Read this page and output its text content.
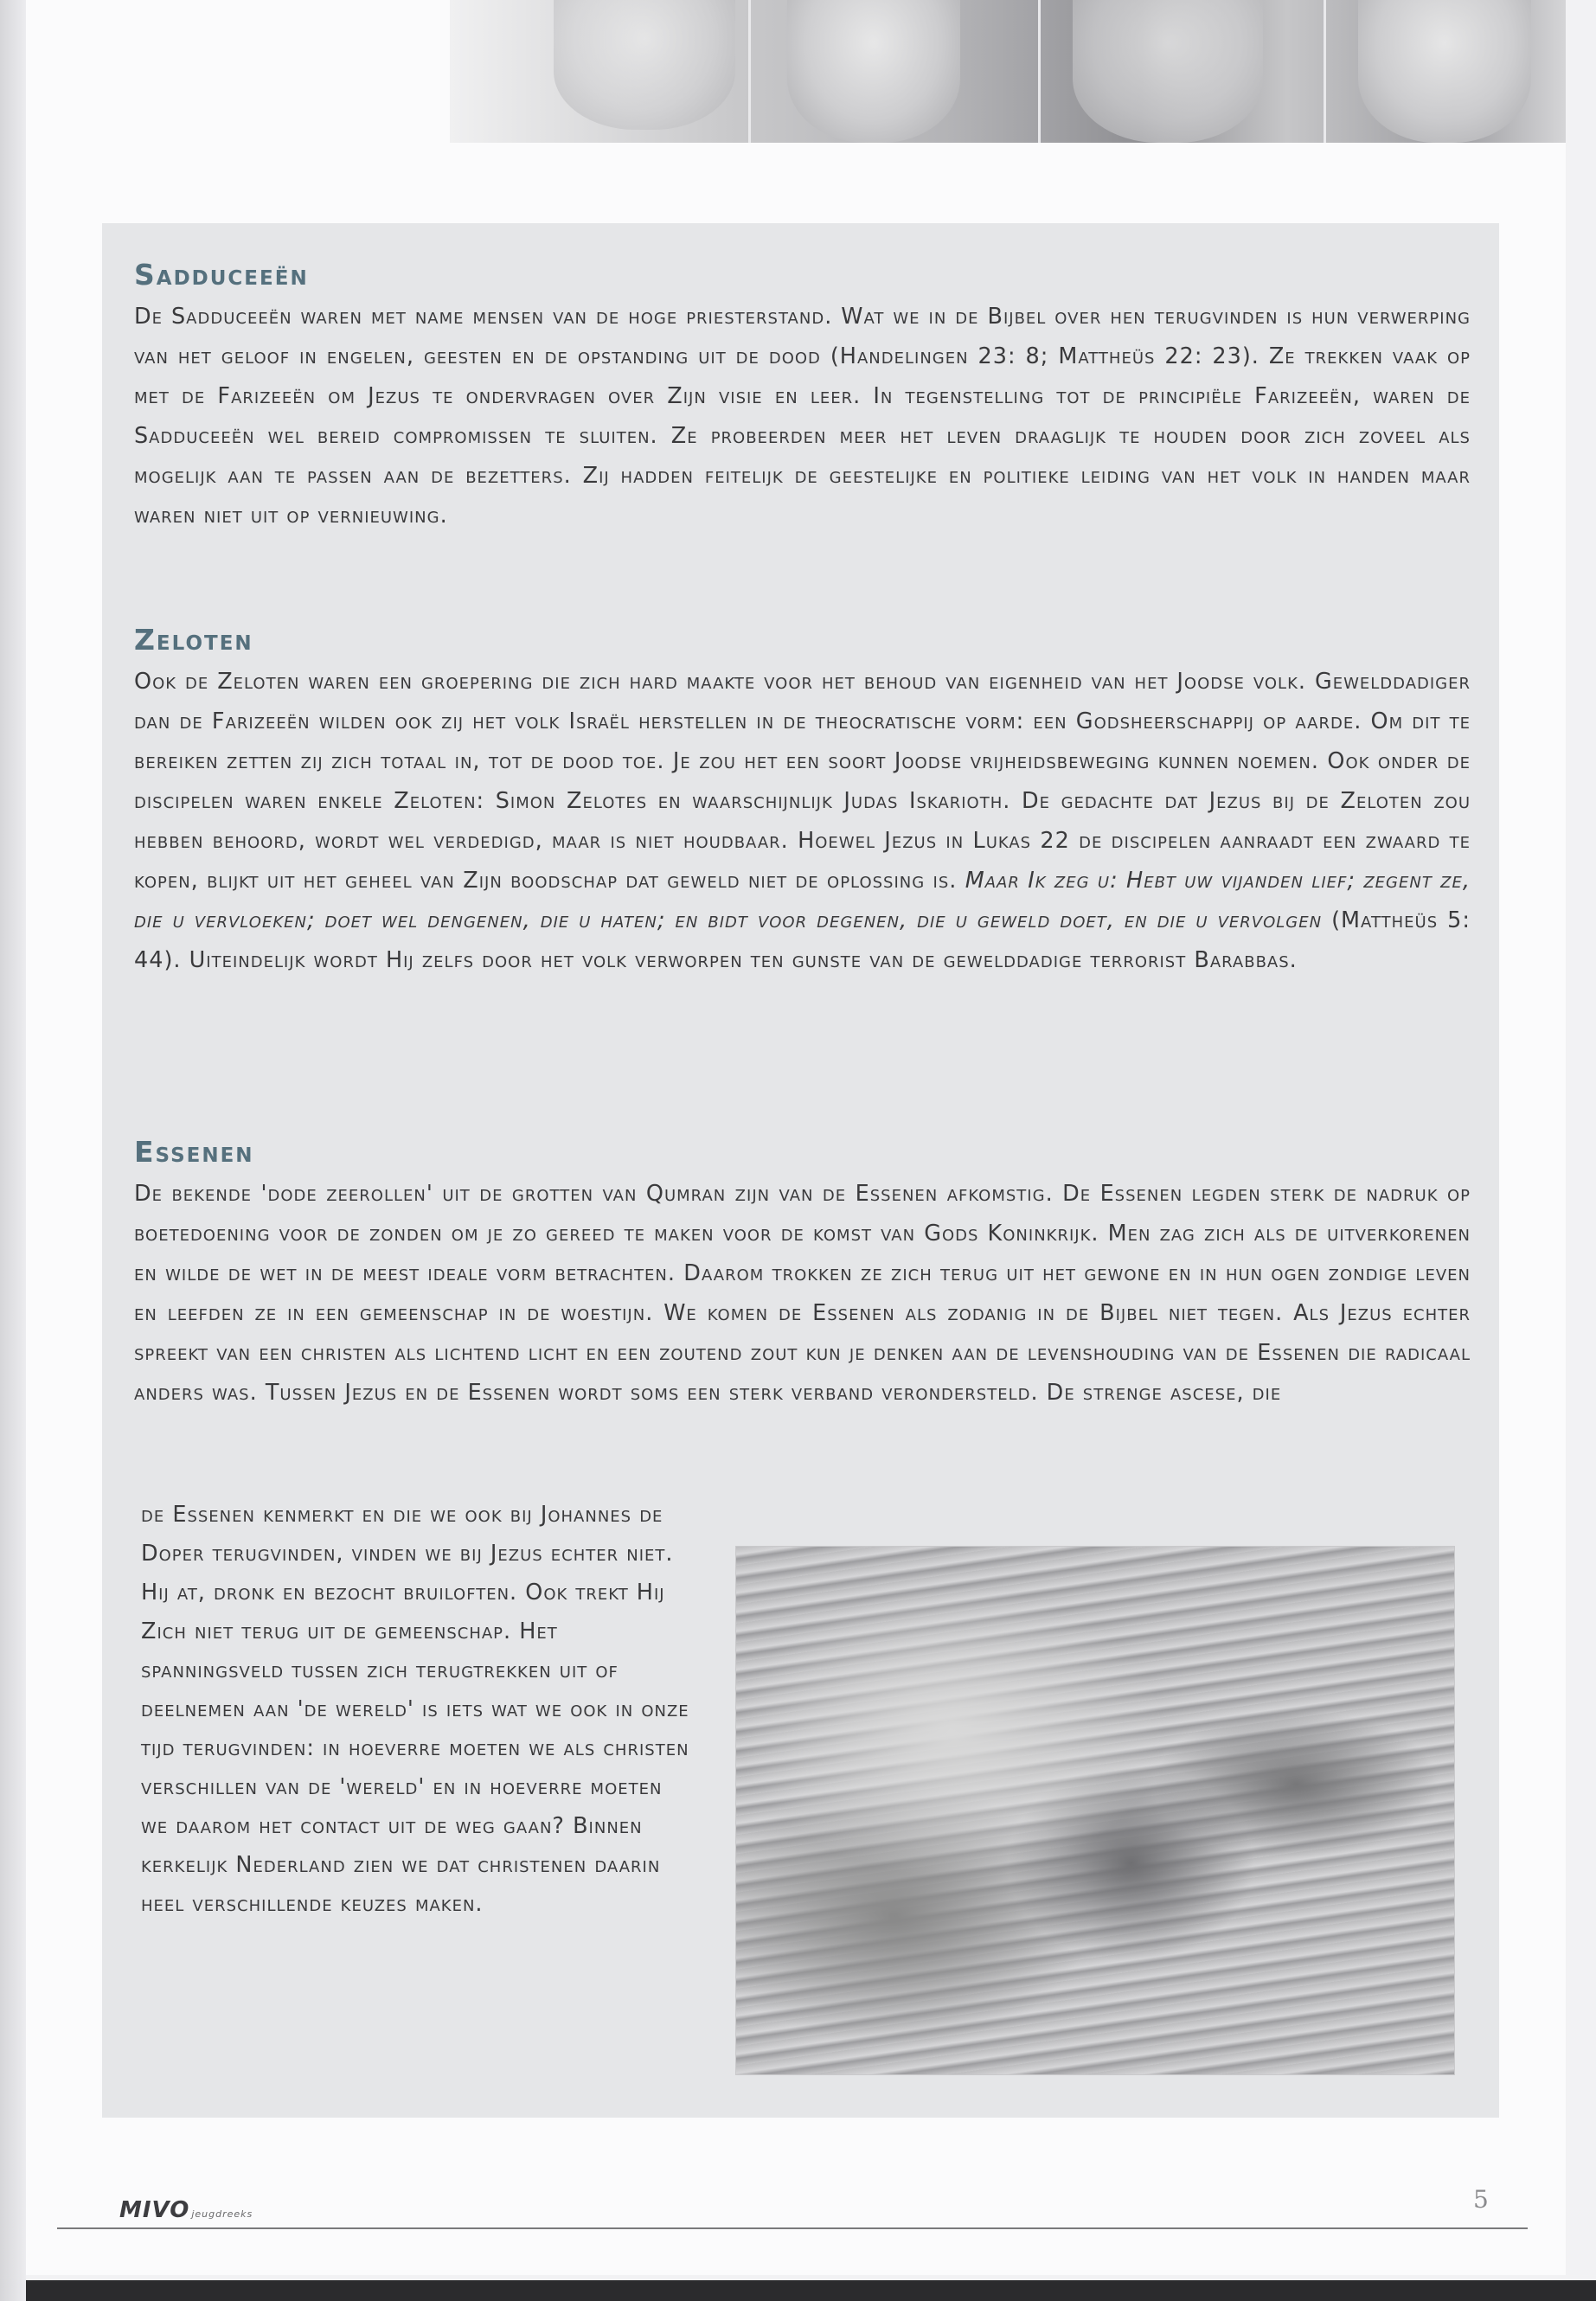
Sadduceeën

De Sadduceeën waren met name mensen van de hoge priesterstand. Wat we in de Bijbel over hen terugvinden is hun verwerping van het geloof in engelen, geesten en de opstanding uit de dood (Handelingen 23: 8; Mattheüs 22: 23). Ze trekken vaak op met de Farizeeën om Jezus te ondervragen over Zijn visie en leer. In tegenstelling tot de principiële Farizeeën, waren de Sadduceeën wel bereid compromissen te sluiten. Ze probeerden meer het leven draaglijk te houden door zich zoveel als mogelijk aan te passen aan de bezetters. Zij hadden feitelijk de geestelijke en politieke leiding van het volk in handen maar waren niet uit op vernieuwing.

Zeloten

Ook de Zeloten waren een groepering die zich hard maakte voor het behoud van eigenheid van het Joodse volk. Gewelddadiger dan de Farizeeën wilden ook zij het volk Israël herstellen in de theocratische vorm: een Godsheerschappij op aarde. Om dit te bereiken zetten zij zich totaal in, tot de dood toe. Je zou het een soort Joodse vrijheidsbeweging kunnen noemen. Ook onder de discipelen waren enkele Zeloten: Simon Zelotes en waarschijnlijk Judas Iskarioth. De gedachte dat Jezus bij de Zeloten zou hebben behoord, wordt wel verdedigd, maar is niet houdbaar. Hoewel Jezus in Lukas 22 de discipelen aanraadt een zwaard te kopen, blijkt uit het geheel van Zijn boodschap dat geweld niet de oplossing is. Maar Ik zeg u: Hebt uw vijanden lief; zegent ze, die u vervloeken; doet wel dengenen, die u haten; en bidt voor degenen, die u geweld doet, en die u vervolgen (Mattheüs 5: 44). Uiteindelijk wordt Hij zelfs door het volk verworpen ten gunste van de gewelddadige terrorist Barabbas.

Essenen

De bekende 'dode zeerollen' uit de grotten van Qumran zijn van de Essenen afkomstig. De Essenen legden sterk de nadruk op boetedoening voor de zonden om je zo gereed te maken voor de komst van Gods Koninkrijk. Men zag zich als de uitverkorenen en wilde de wet in de meest ideale vorm betrachten. Daarom trokken ze zich terug uit het gewone en in hun ogen zondige leven en leefden ze in een gemeenschap in de woestijn. We komen de Essenen als zodanig in de Bijbel niet tegen. Als Jezus echter spreekt van een christen als lichtend licht en een zoutend zout kun je denken aan de levenshouding van de Essenen die radicaal anders was. Tussen Jezus en de Essenen wordt soms een sterk verband verondersteld. De strenge ascese, die

de Essenen kenmerkt en die we ook bij Johannes de Doper terugvinden, vinden we bij Jezus echter niet. Hij at, dronk en bezocht bruiloften. Ook trekt Hij Zich niet terug uit de gemeenschap. Het spanningsveld tussen zich terugtrekken uit of deelnemen aan 'de wereld' is iets wat we ook in onze tijd terugvinden: in hoeverre moeten we als christen verschillen van de 'wereld' en in hoeverre moeten we daarom het contact uit de weg gaan? Binnen kerkelijk Nederland zien we dat christenen daarin heel verschillende keuzes maken.

MIVO jeugdreeks
5
